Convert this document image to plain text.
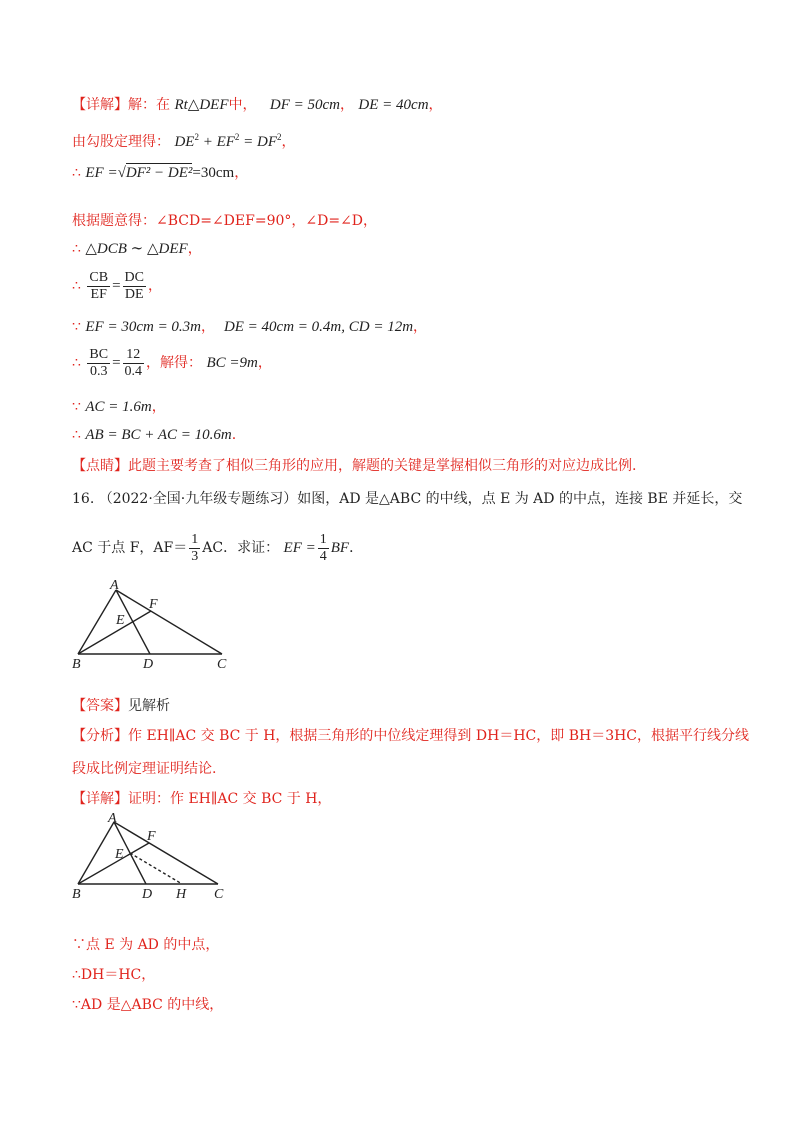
【详解】解：在 Rt△DEF中， DF = 50cm， DE = 40cm，
由勾股定理得： $DE^2 + EF^2 = DF^2$，
∴ EF =√DF² − DE²=30cm，
根据题意得：∠BCD=∠DEF=90°，∠D=∠D，
∴ △DCB ∼ △DEF，
∴ $\frac{CB}{EF} = \frac{DC}{DE}$ ，
∵ EF = 30cm = 0.3m，  DE = 40cm = 0.4m, CD = 12m，
∴ $\frac{BC}{0.3} = \frac{12}{0.4}$ ，解得： BC =9m，
∵ AC = 1.6m，
∴ AB = BC + AC = 10.6m.
【点睛】此题主要考查了相似三角形的应用，解题的关键是掌握相似三角形的对应边成比例.
16. （2022·全国·九年级专题练习）如图，AD 是△ABC 的中线，点 E 为 AD 的中点，连接 BE 并延长，交
AC 于点 F，$AF= \frac{1}{3}$ AC．求证： EF = $\frac{1}{4}$ BF．
A
F
E
B	D	C
【答案】见解析
【分析】作 EH∥AC 交 BC 于 H，根据三角形的中位线定理得到 DH＝HC，即 BH＝3HC，根据平行线分线
段成比例定理证明结论.
【详解】证明：作 EH∥AC 交 BC 于 H，
A
F
E
B	D H C
∵点 E 为 AD 的中点，
∴DH＝HC，
∵AD 是△ABC 的中线，
